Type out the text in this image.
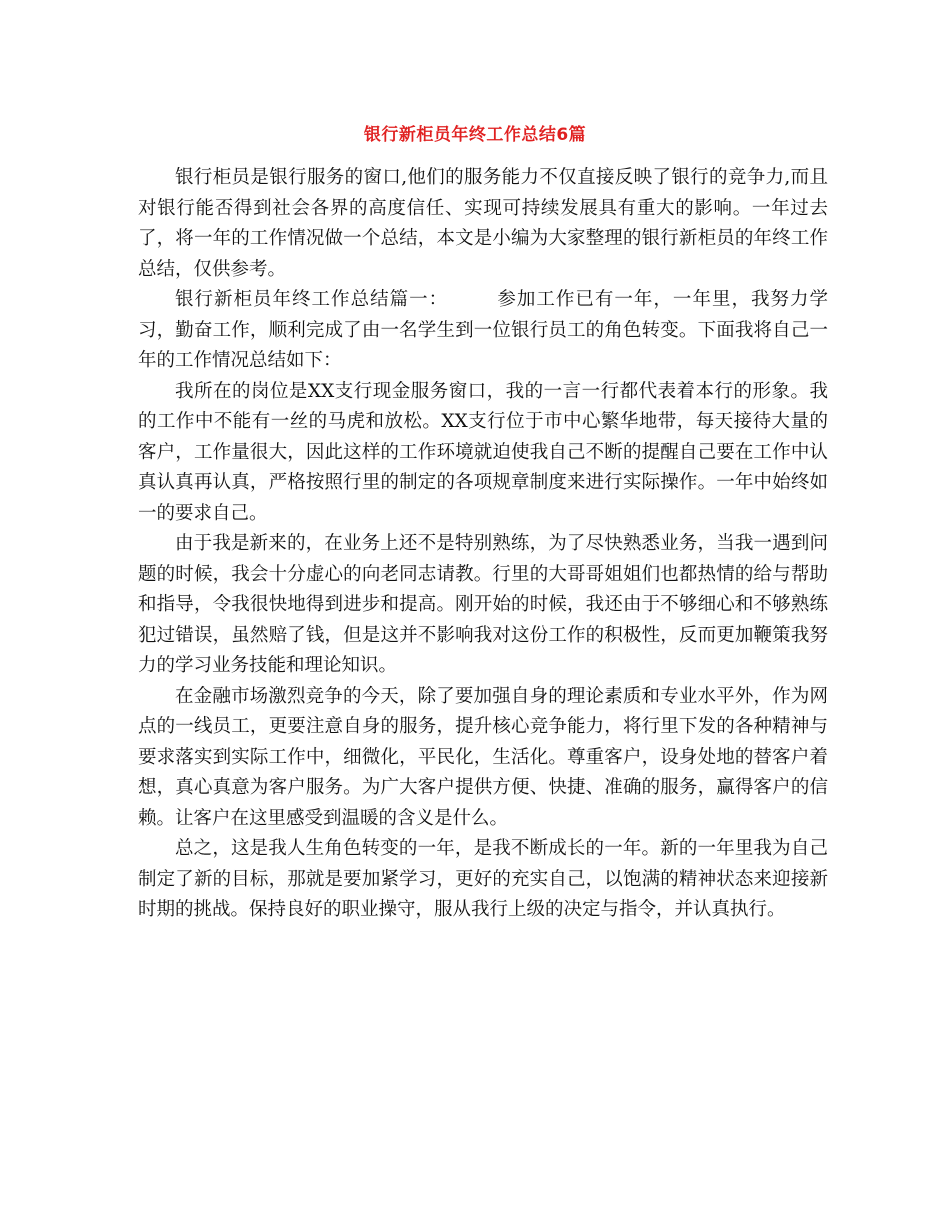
银行新柜员年终工作总结6篇

银行柜员是银行服务的窗口,他们的服务能力不仅直接反映了银行的竞争力,而且对银行能否得到社会各界的高度信任、实现可持续发展具有重大的影响。一年过去了，将一年的工作情况做一个总结，本文是小编为大家整理的银行新柜员的年终工作总结，仅供参考。

银行新柜员年终工作总结篇一：　　　参加工作已有一年，一年里，我努力学习，勤奋工作，顺利完成了由一名学生到一位银行员工的角色转变。下面我将自己一年的工作情况总结如下：

我所在的岗位是XX支行现金服务窗口，我的一言一行都代表着本行的形象。我的工作中不能有一丝的马虎和放松。XX支行位于市中心繁华地带，每天接待大量的客户，工作量很大，因此这样的工作环境就迫使我自己不断的提醒自己要在工作中认真认真再认真，严格按照行里的制定的各项规章制度来进行实际操作。一年中始终如一的要求自己。

由于我是新来的，在业务上还不是特别熟练，为了尽快熟悉业务，当我一遇到问题的时候，我会十分虚心的向老同志请教。行里的大哥哥姐姐们也都热情的给与帮助和指导，令我很快地得到进步和提高。刚开始的时候，我还由于不够细心和不够熟练犯过错误，虽然赔了钱，但是这并不影响我对这份工作的积极性，反而更加鞭策我努力的学习业务技能和理论知识。

在金融市场激烈竞争的今天，除了要加强自身的理论素质和专业水平外，作为网点的一线员工，更要注意自身的服务，提升核心竞争能力，将行里下发的各种精神与要求落实到实际工作中，细微化，平民化，生活化。尊重客户，设身处地的替客户着想，真心真意为客户服务。为广大客户提供方便、快捷、准确的服务，赢得客户的信赖。让客户在这里感受到温暖的含义是什么。

总之，这是我人生角色转变的一年，是我不断成长的一年。新的一年里我为自己制定了新的目标，那就是要加紧学习，更好的充实自己，以饱满的精神状态来迎接新时期的挑战。保持良好的职业操守，服从我行上级的决定与指令，并认真执行。
